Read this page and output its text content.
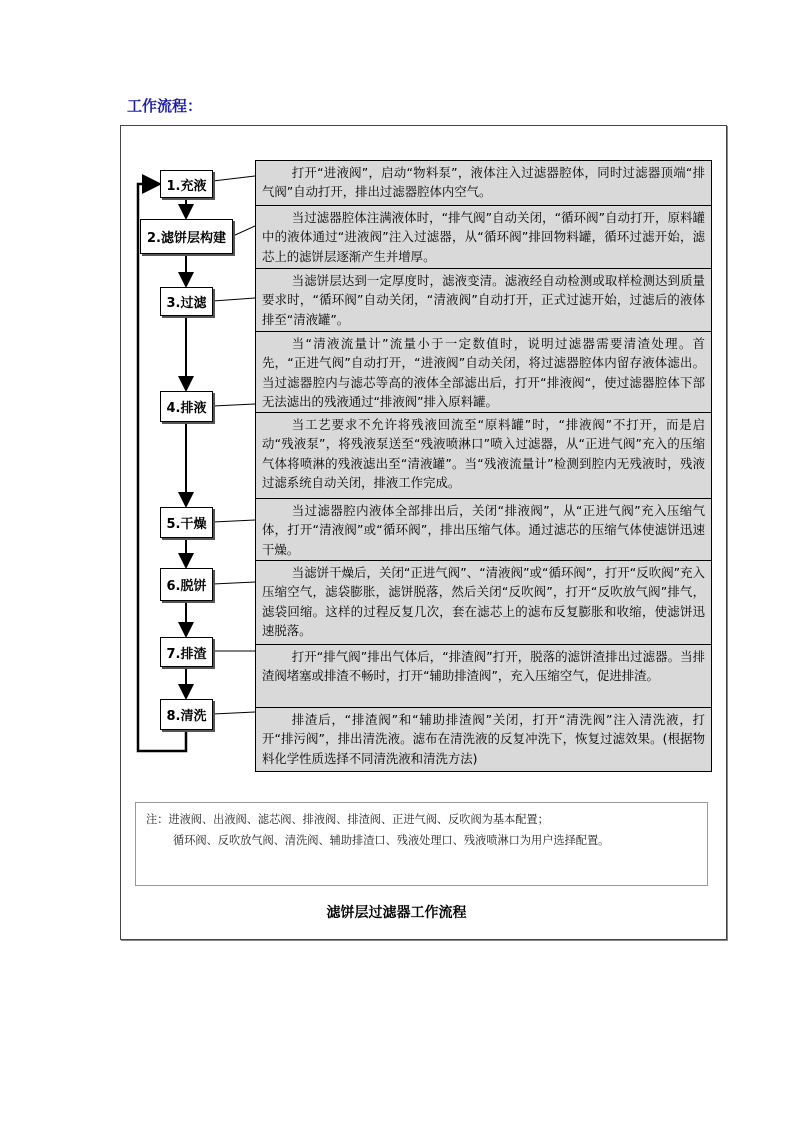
工作流程：
1.充液
2.滤饼层构建
3.过滤
4.排液
5.干燥
6.脱饼
7.排渣
8.清洗
打开“进液阀”，启动“物料泵”，液体注入过滤器腔体，同时过滤器顶端“排气阀”自动打开，排出过滤器腔体内空气。
当过滤器腔体注满液体时，“排气阀”自动关闭，“循环阀”自动打开，原料罐中的液体通过“进液阀”注入过滤器，从“循环阀”排回物料罐，循环过滤开始，滤芯上的滤饼层逐渐产生并增厚。
当滤饼层达到一定厚度时，滤液变清。滤液经自动检测或取样检测达到质量要求时，“循环阀”自动关闭，“清液阀”自动打开，正式过滤开始，过滤后的液体排至“清液罐”。
当“清液流量计”流量小于一定数值时，说明过滤器需要清渣处理。首先，“正进气阀”自动打开，“进液阀”自动关闭，将过滤器腔体内留存液体滤出。当过滤器腔内与滤芯等高的液体全部滤出后，打开“排液阀“，使过滤器腔体下部无法滤出的残液通过“排液阀”排入原料罐。
当工艺要求不允许将残液回流至“原料罐”时，“排液阀”不打开，而是启动“残液泵”，将残液泵送至“残液喷淋口”喷入过滤器，从“正进气阀”充入的压缩气体将喷淋的残液滤出至“清液罐”。当“残液流量计”检测到腔内无残液时，残液过滤系统自动关闭，排液工作完成。
当过滤器腔内液体全部排出后，关闭“排液阀”，从“正进气阀”充入压缩气体，打开“清液阀”或“循环阀”，排出压缩气体。通过滤芯的压缩气体使滤饼迅速干燥。
当滤饼干燥后，关闭“正进气阀”、“清液阀”或“循环阀”，打开“反吹阀”充入压缩空气，滤袋膨胀，滤饼脱落，然后关闭“反吹阀”，打开“反吹放气阀”排气，滤袋回缩。这样的过程反复几次，套在滤芯上的滤布反复膨胀和收缩，使滤饼迅速脱落。
打开“排气阀”排出气体后，“排渣阀”打开，脱落的滤饼渣排出过滤器。当排渣阀堵塞或排渣不畅时，打开“辅助排渣阀”，充入压缩空气，促进排渣。
排渣后，“排渣阀”和“辅助排渣阀”关闭，打开“清洗阀”注入清洗液，打开“排污阀”，排出清洗液。滤布在清洗液的反复冲洗下，恢复过滤效果。(根据物料化学性质选择不同清洗液和清洗方法)
注：进液阀、出液阀、滤芯阀、排液阀、排渣阀、正进气阀、反吹阀为基本配置；
循环阀、反吹放气阀、清洗阀、辅助排渣口、残液处理口、残液喷淋口为用户选择配置。
滤饼层过滤器工作流程
